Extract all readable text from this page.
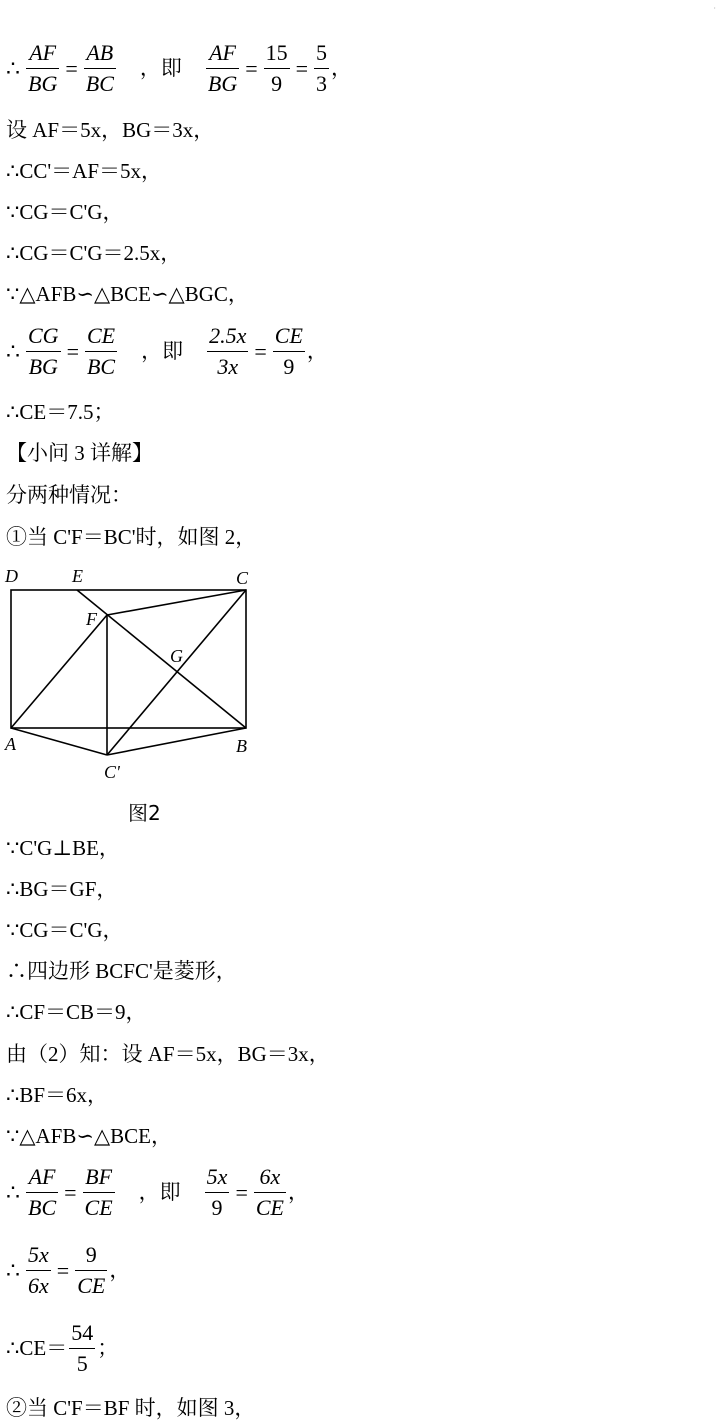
·
∴ $\frac{AF}{BG} = \frac{AB}{BC}$ ，即 $\frac{AF}{BG} = \frac{15}{9} = \frac{5}{3}$ ，
设 AF＝5x，BG＝3x，
∴CC'＝AF＝5x，
∵CG＝C'G，
∴CG＝C'G＝2.5x，
∵△AFB∽△BCE∽△BGC，
∴ $\frac{CG}{BG} = \frac{CE}{BC}$ ，即 $\frac{2.5x}{3x} = \frac{CE}{9}$ ，
∴CE＝7.5；
【小问 3 详解】
分两种情况：
①当 C'F＝BC'时，如图 2，
D	E	C
F
G
A	B
C'
图2
∵C'G⊥BE，
∴BG＝GF，
∵CG＝C'G，
∴四边形 BCFC'是菱形，
∴CF＝CB＝9，
由（2）知：设 AF＝5x，BG＝3x，
∴BF＝6x，
∵△AFB∽△BCE，
∴ $\frac{AF}{BC} = \frac{BF}{CE}$ ，即 $\frac{5x}{9} = \frac{6x}{CE}$ ，
∴ $\frac{5x}{6x} = \frac{9}{CE}$ ，
∴CE＝ $\frac{54}{5}$ ；
②当 C'F＝BF 时，如图 3，
